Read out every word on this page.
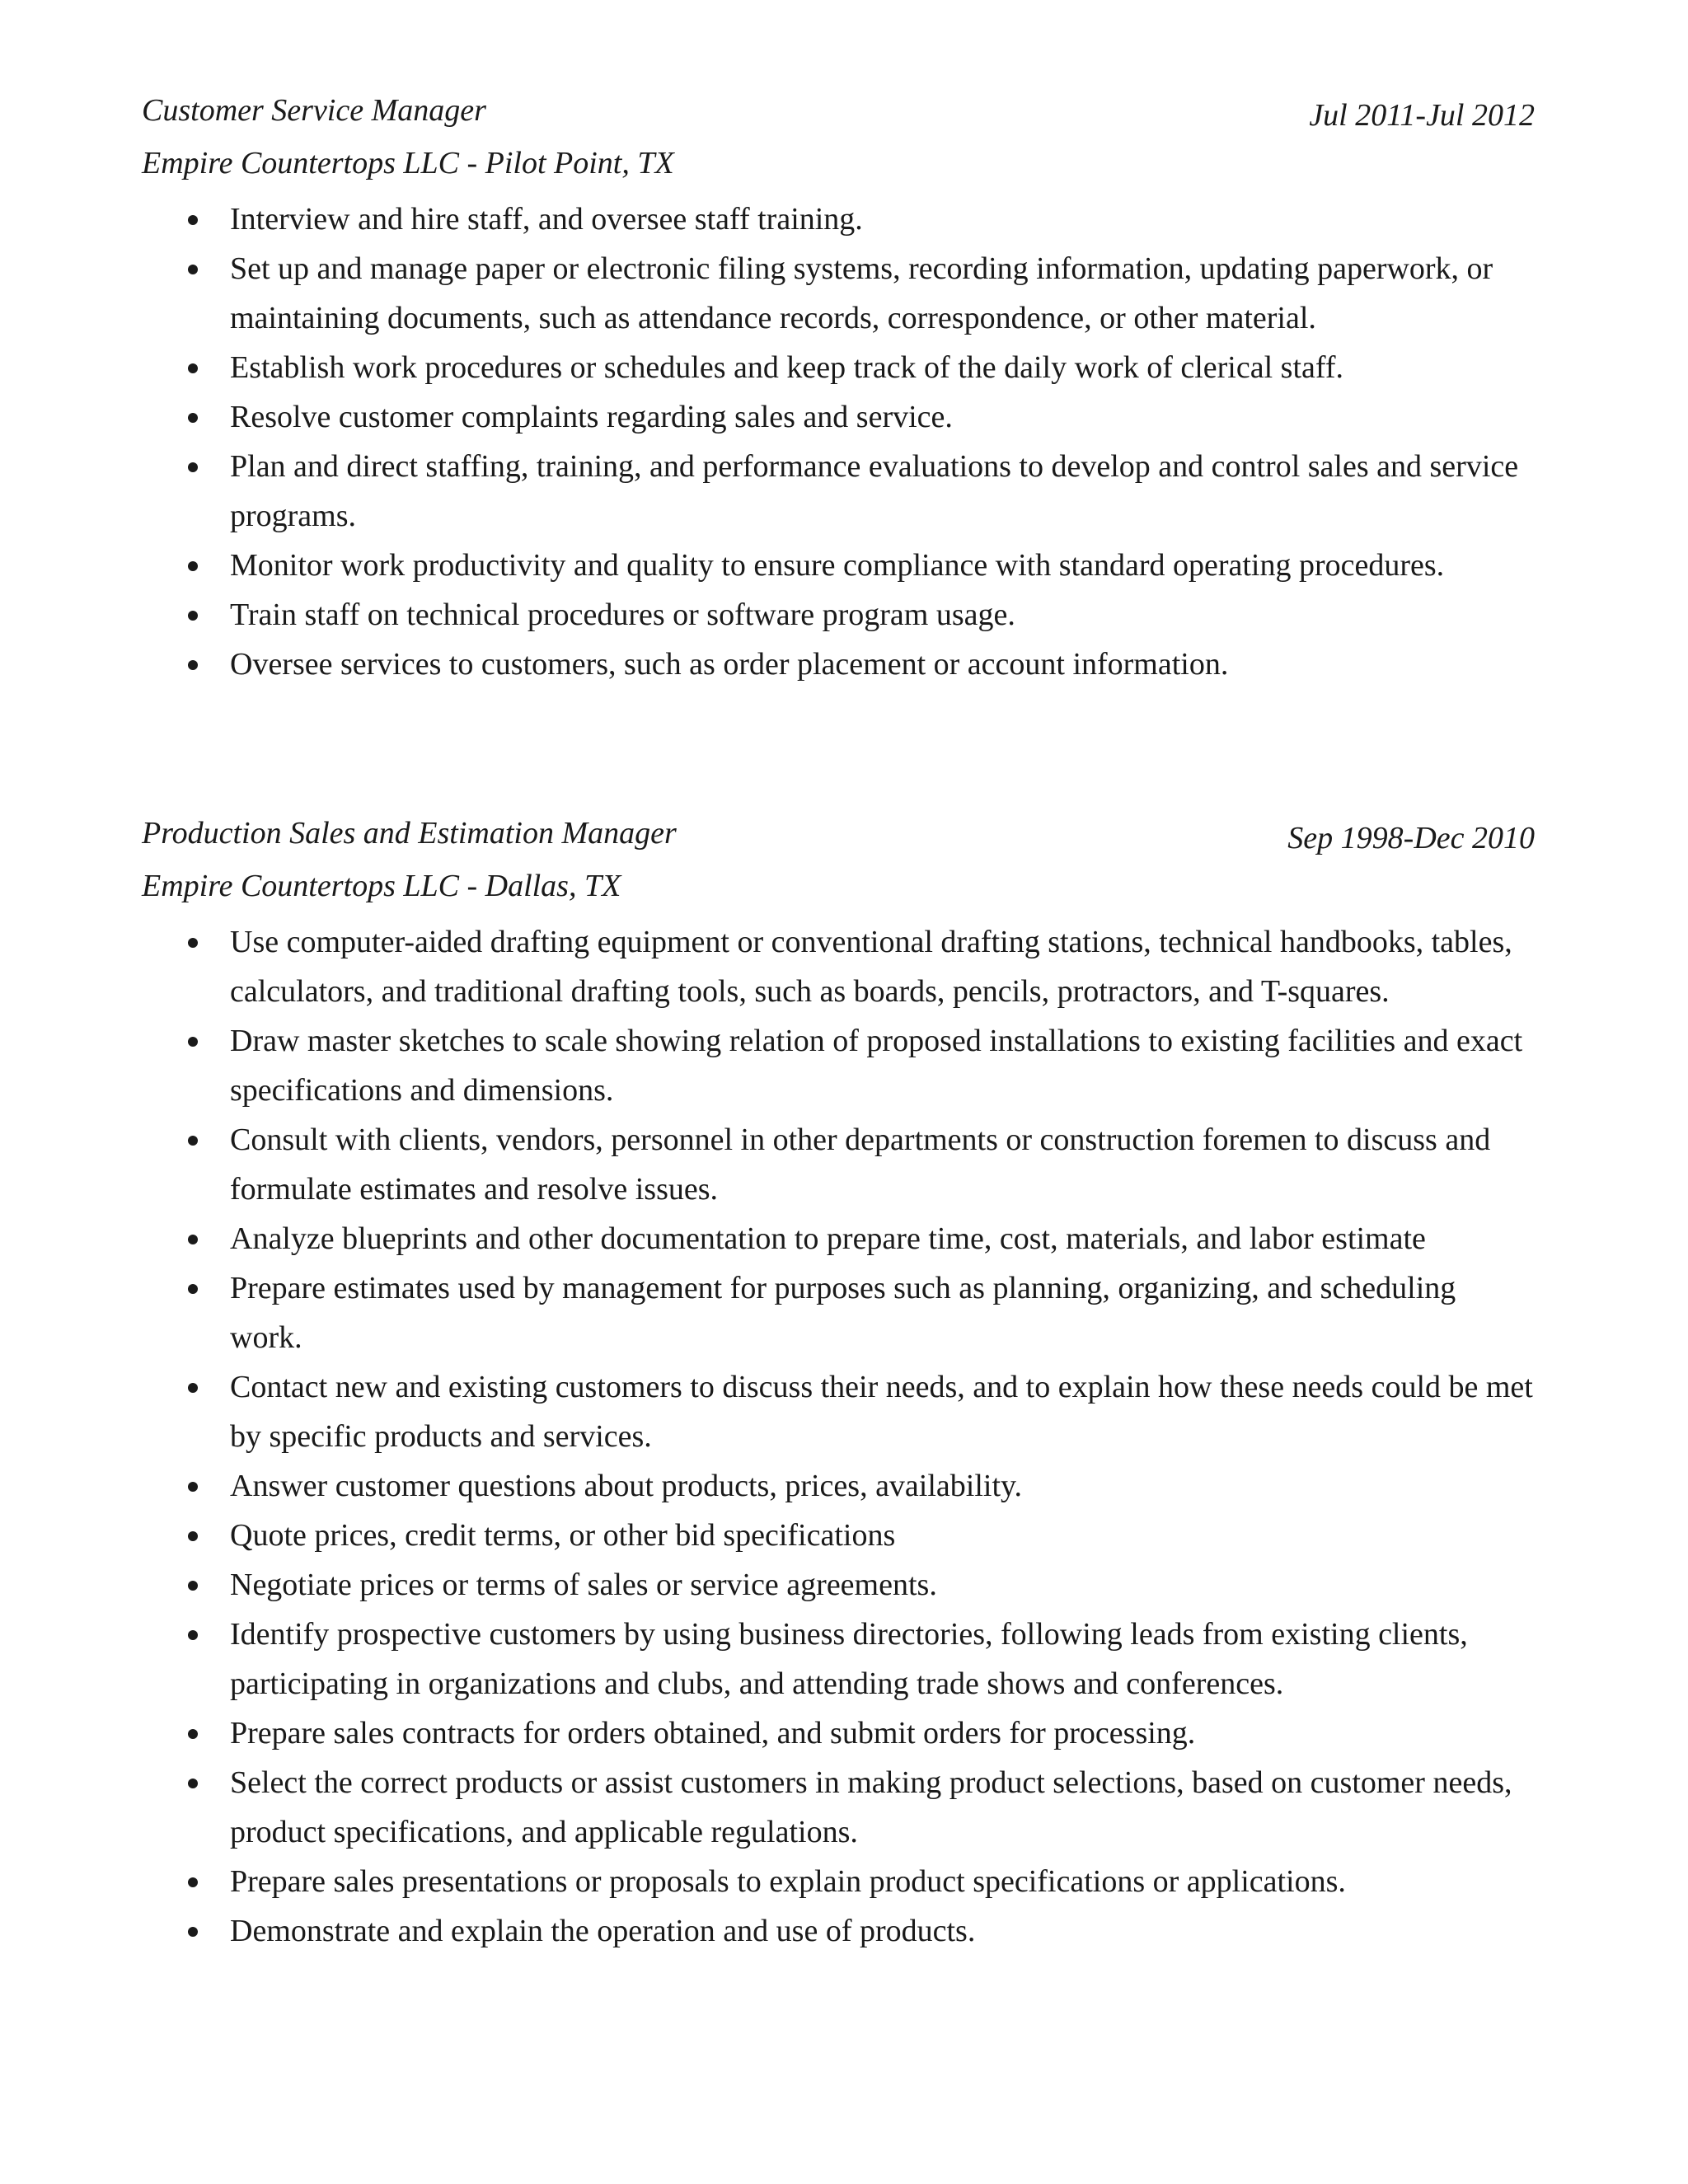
Customer Service Manager	Jul 2011-Jul 2012
Empire Countertops LLC - Pilot Point, TX
Interview and hire staff, and oversee staff training.
Set up and manage paper or electronic filing systems, recording information, updating paperwork, or maintaining documents, such as attendance records, correspondence, or other material.
Establish work procedures or schedules and keep track of the daily work of clerical staff.
Resolve customer complaints regarding sales and service.
Plan and direct staffing, training, and performance evaluations to develop and control sales and service programs.
Monitor work productivity and quality to ensure compliance with standard operating procedures.
Train staff on technical procedures or software program usage.
Oversee services to customers, such as order placement or account information.
Production Sales and Estimation Manager	Sep 1998-Dec 2010
Empire Countertops LLC - Dallas, TX
Use computer-aided drafting equipment or conventional drafting stations, technical handbooks, tables, calculators, and traditional drafting tools, such as boards, pencils, protractors, and T-squares.
Draw master sketches to scale showing relation of proposed installations to existing facilities and exact specifications and dimensions.
Consult with clients, vendors, personnel in other departments or construction foremen to discuss and formulate estimates and resolve issues.
Analyze blueprints and other documentation to prepare time, cost, materials, and labor estimate
Prepare estimates used by management for purposes such as planning, organizing, and scheduling work.
Contact new and existing customers to discuss their needs, and to explain how these needs could be met by specific products and services.
Answer customer questions about products, prices, availability.
Quote prices, credit terms, or other bid specifications
Negotiate prices or terms of sales or service agreements.
Identify prospective customers by using business directories, following leads from existing clients, participating in organizations and clubs, and attending trade shows and conferences.
Prepare sales contracts for orders obtained, and submit orders for processing.
Select the correct products or assist customers in making product selections, based on customer needs, product specifications, and applicable regulations.
Prepare sales presentations or proposals to explain product specifications or applications.
Demonstrate and explain the operation and use of products.
